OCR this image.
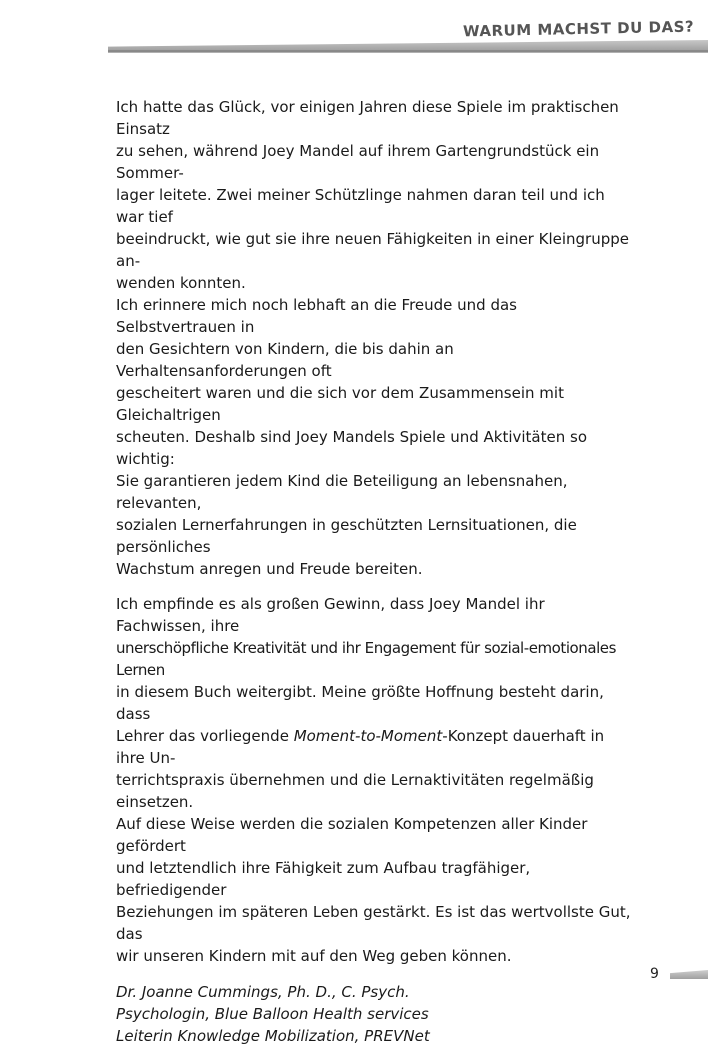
WARUM MACHST DU DAS?

Ich hatte das Glück, vor einigen Jahren diese Spiele im praktischen Einsatz
zu sehen, während Joey Mandel auf ihrem Gartengrundstück ein Sommer-
lager leitete. Zwei meiner Schützlinge nahmen daran teil und ich war tief
beeindruckt, wie gut sie ihre neuen Fähigkeiten in einer Kleingruppe an-
wenden konnten.
Ich erinnere mich noch lebhaft an die Freude und das Selbstvertrauen in
den Gesichtern von Kindern, die bis dahin an Verhaltensanforderungen oft
gescheitert waren und die sich vor dem Zusammensein mit Gleichaltrigen
scheuten. Deshalb sind Joey Mandels Spiele und Aktivitäten so wichtig:
Sie garantieren jedem Kind die Beteiligung an lebensnahen, relevanten,
sozialen Lernerfahrungen in geschützten Lernsituationen, die persönliches
Wachstum anregen und Freude bereiten.

Ich empfinde es als großen Gewinn, dass Joey Mandel ihr Fachwissen, ihre
unerschöpfliche Kreativität und ihr Engagement für sozial-emotionales Lernen
in diesem Buch weitergibt. Meine größte Hoffnung besteht darin, dass
Lehrer das vorliegende Moment-to-Moment-Konzept dauerhaft in ihre Un-
terrichtspraxis übernehmen und die Lernaktivitäten regelmäßig einsetzen.
Auf diese Weise werden die sozialen Kompetenzen aller Kinder gefördert
und letztendlich ihre Fähigkeit zum Aufbau tragfähiger, befriedigender
Beziehungen im späteren Leben gestärkt. Es ist das wertvollste Gut, das
wir unseren Kindern mit auf den Weg geben können.

Dr. Joanne Cummings, Ph. D., C. Psych.
Psychologin, Blue Balloon Health services
Leiterin Knowledge Mobilization, PREVNet
9
